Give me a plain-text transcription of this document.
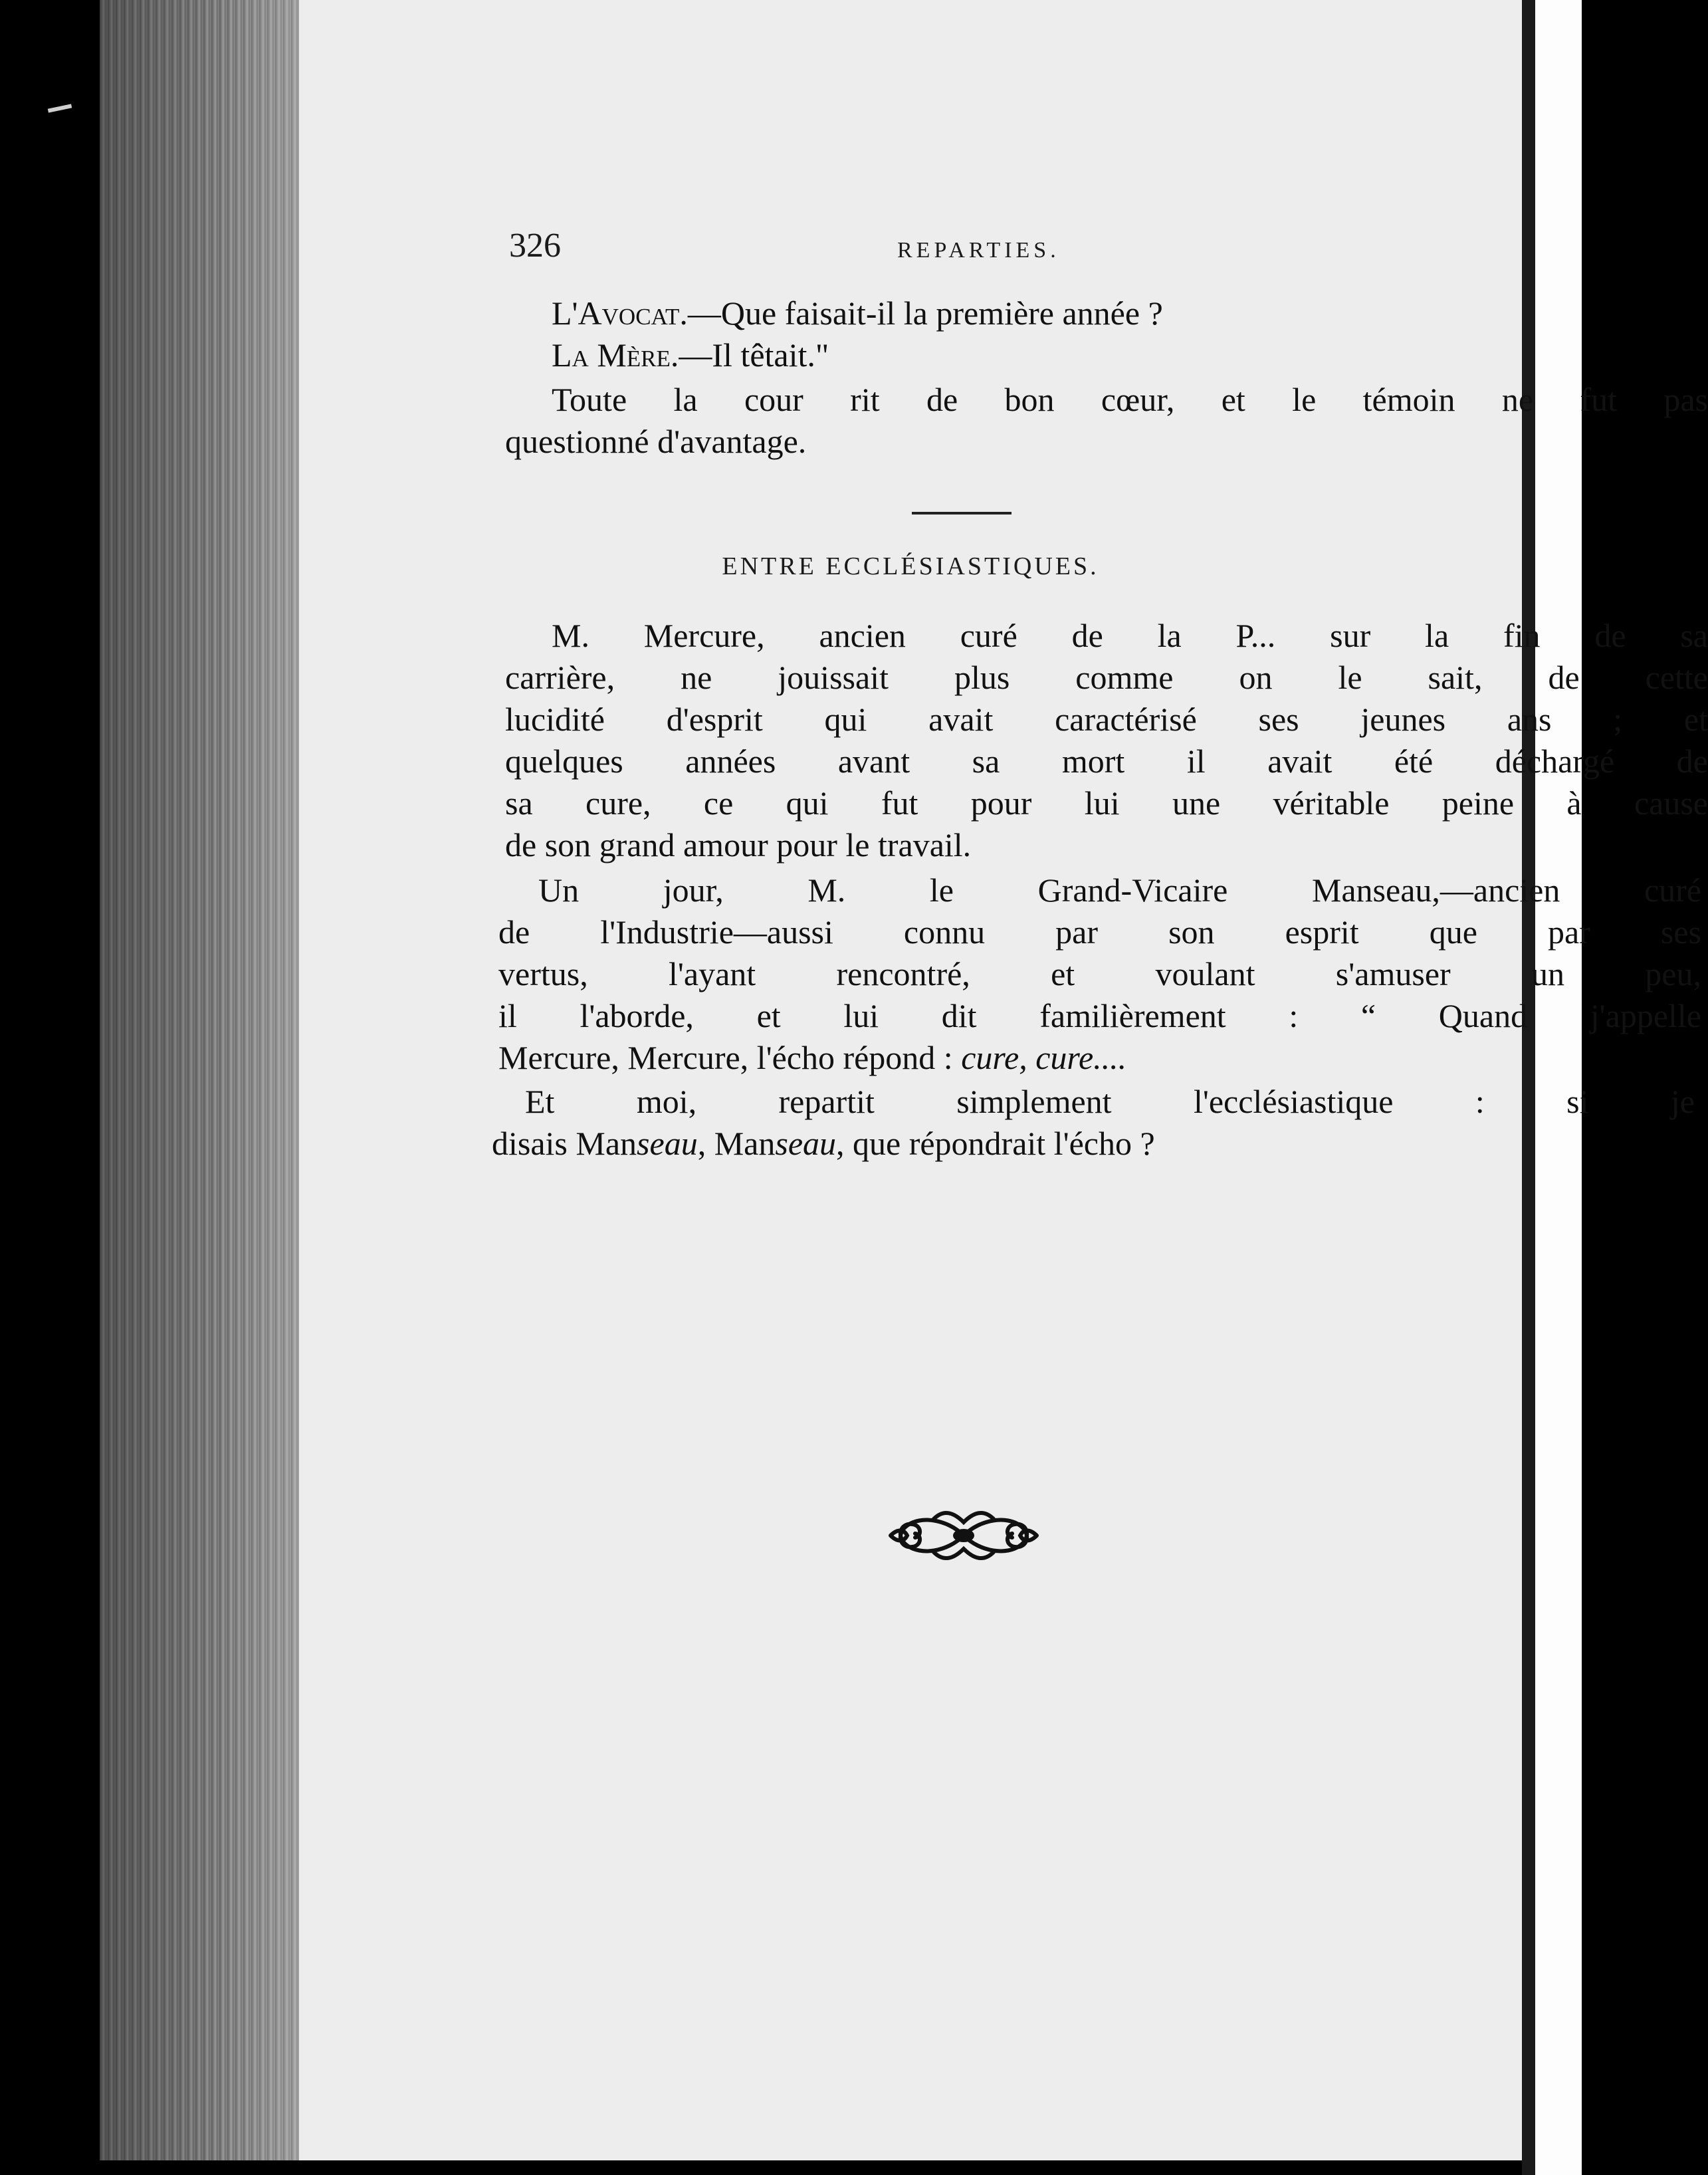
326	REPARTIES.
L'Avocat.—Que faisait-il la première année ?
La Mère.—Il têtait."
Toute la cour rit de bon cœur, et le témoin ne fut pas
questionné d'avantage.
ENTRE ECCLÉSIASTIQUES.
M. Mercure, ancien curé de la P... sur la fin de sa
carrière, ne jouissait plus comme on le sait, de cette
lucidité d'esprit qui avait caractérisé ses jeunes ans ; et
quelques années avant sa mort il avait été déchargé de
sa cure, ce qui fut pour lui une véritable peine à cause
de son grand amour pour le travail.
Un jour, M. le Grand-Vicaire Manseau,—ancien curé
de l'Industrie—aussi connu par son esprit que par ses
vertus, l'ayant rencontré, et voulant s'amuser un peu,
il l'aborde, et lui dit familièrement : “ Quand j'appelle
Mercure, Mercure, l'écho répond : cure, cure....
Et moi, repartit simplement l'ecclésiastique : si je
disais Manseau, Manseau, que répondrait l'écho ?
